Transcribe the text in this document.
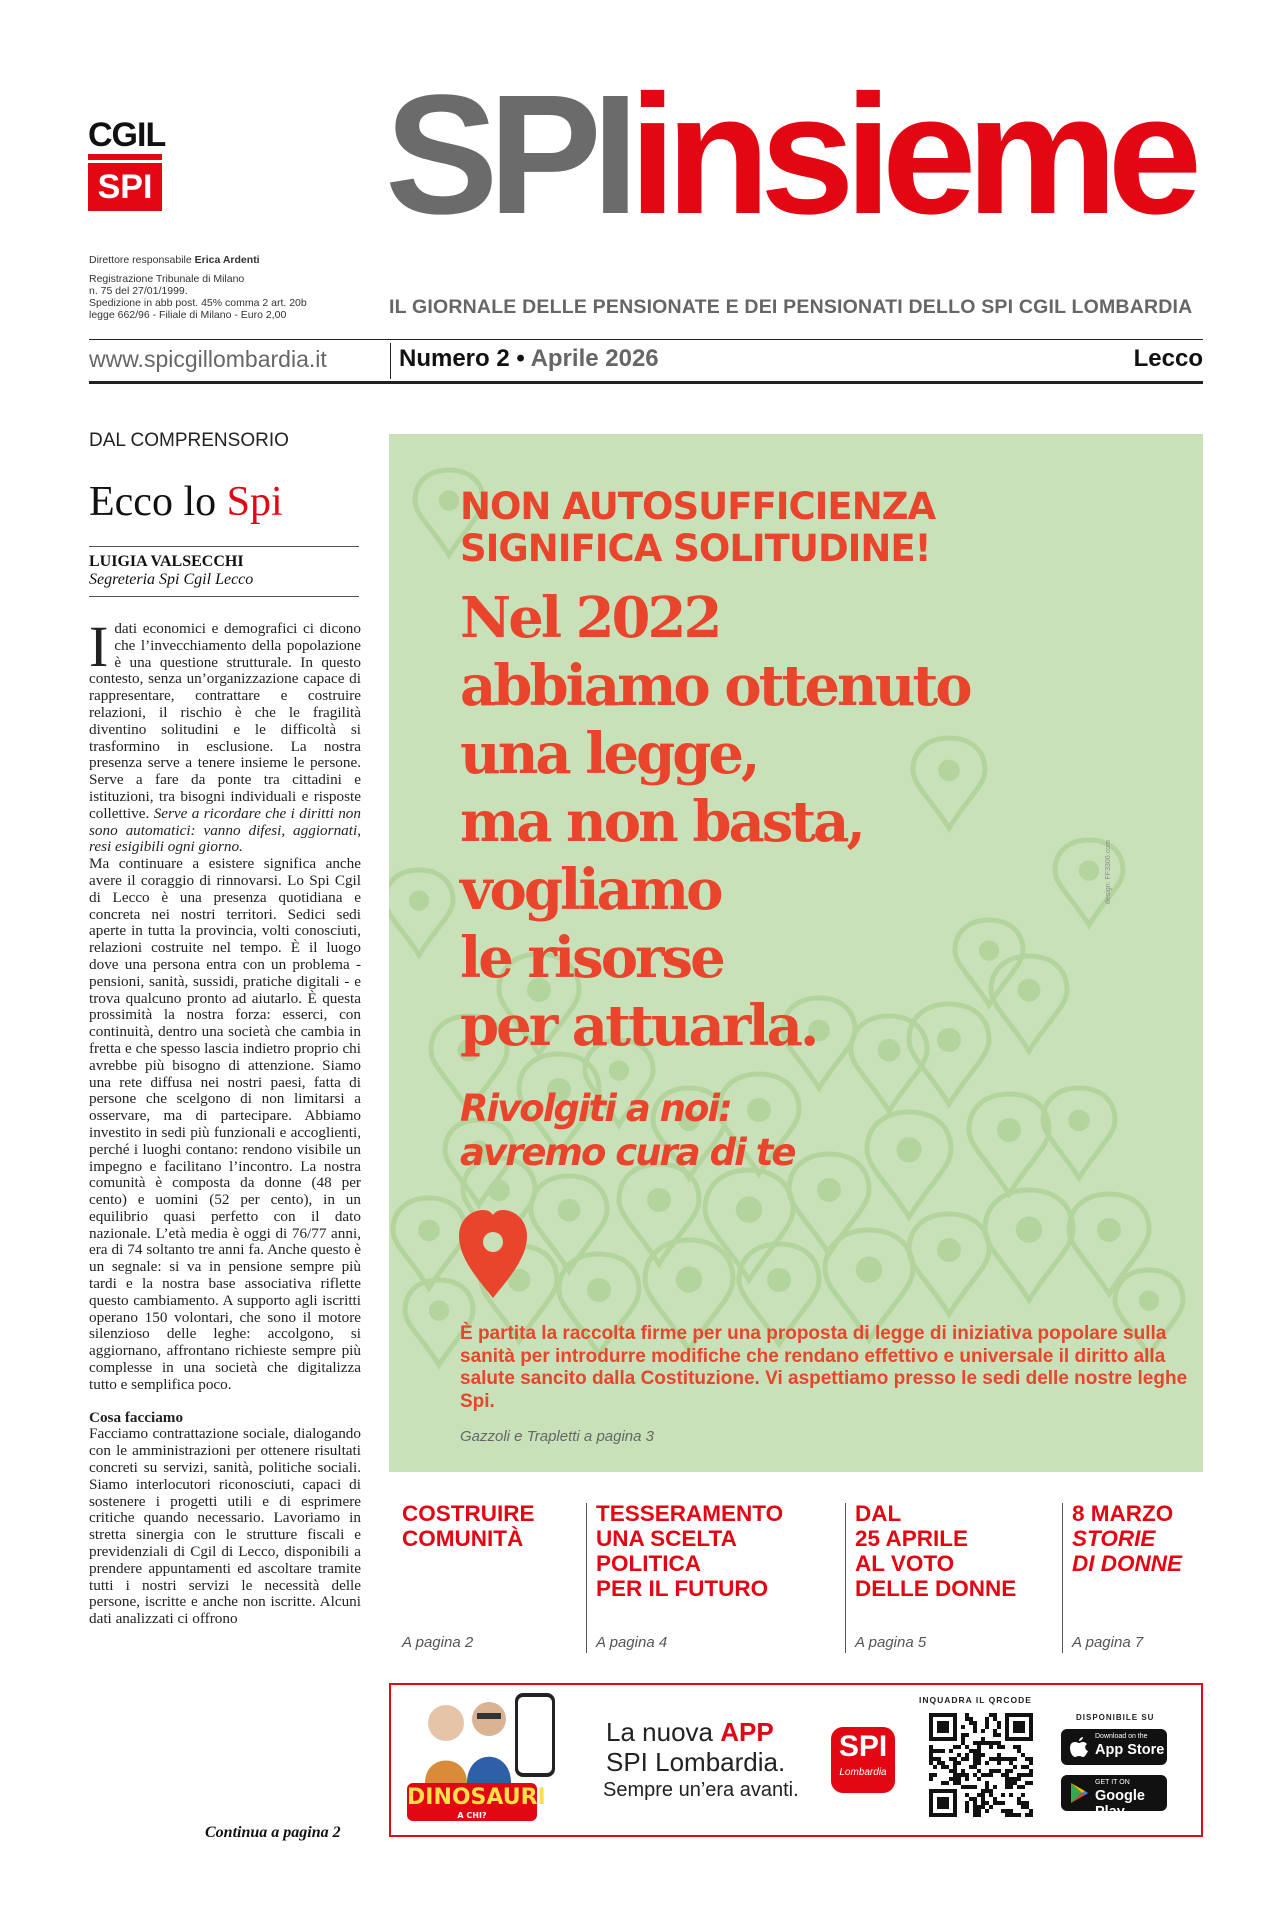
CGIL
SPI SPIinsieme
Direttore responsabile Erica Ardenti
Registrazione Tribunale di Milano
n. 75 del 27/01/1999.
Spedizione in abb post. 45% comma 2 art. 20b
legge 662/96 - Filiale di Milano - Euro 2,00	IL GIORNALE DELLE PENSIONATE E DEI PENSIONATI DELLO SPI CGIL LOMBARDIA
www.spicgillombardia.it	Numero 2 • Aprile 2026	Lecco
DAL COMPRENSORIO
Ecco lo Spi
LUIGIA VALSECCHI
Segreteria Spi Cgil Lecco

I dati economici e demografici ci dicono che l’invecchiamento della popolazione è una questione strutturale. In questo contesto, senza un’organizzazione capace di rappresentare, contrattare e costruire relazioni, il rischio è che le fragilità diventino solitudini e le difficoltà si trasformino in esclusione. La nostra presenza serve a tenere insieme le persone. Serve a fare da ponte tra cittadini e istituzioni, tra bisogni individuali e risposte collettive. Serve a ricordare che i diritti non sono automatici: vanno difesi, aggiornati, resi esigibili ogni giorno.

Ma continuare a esistere significa anche avere il coraggio di rinnovarsi. Lo Spi Cgil di Lecco è una presenza quotidiana e concreta nei nostri territori. Sedici sedi aperte in tutta la provincia, volti conosciuti, relazioni costruite nel tempo. È il luogo dove una persona entra con un problema - pensioni, sanità, sussidi, pratiche digitali - e trova qualcuno pronto ad aiutarlo. È questa prossimità la nostra forza: esserci, con continuità, dentro una società che cambia in fretta e che spesso lascia indietro proprio chi avrebbe più bisogno di attenzione. Siamo una rete diffusa nei nostri paesi, fatta di persone che scelgono di non limitarsi a osservare, ma di partecipare. Abbiamo investito in sedi più funzionali e accoglienti, perché i luoghi contano: rendono visibile un impegno e facilitano l’incontro. La nostra comunità è composta da donne (48 per cento) e uomini (52 per cento), in un equilibrio quasi perfetto con il dato nazionale. L’età media è oggi di 76/77 anni, era di 74 soltanto tre anni fa. Anche questo è un segnale: si va in pensione sempre più tardi e la nostra base associativa riflette questo cambiamento. A supporto agli iscritti operano 150 volontari, che sono il motore silenzioso delle leghe: accolgono, si aggiornano, affrontano richieste sempre più complesse in una società che digitalizza tutto e semplifica poco.

Cosa facciamo

Facciamo contrattazione sociale, dialogando con le amministrazioni per ottenere risultati concreti su servizi, sanità, politiche sociali. Siamo interlocutori riconosciuti, capaci di sostenere i progetti utili e di esprimere critiche quando necessario. Lavoriamo in stretta sinergia con le strutture fiscali e previdenziali di Cgil di Lecco, disponibili a prendere appuntamenti ed ascoltare tramite tutti i nostri servizi le necessità delle persone, iscritte e anche non iscritte. Alcuni dati analizzati ci offrono

Continua a pagina 2
NON AUTOSUFFICIENZA
SIGNIFICA SOLITUDINE!
Nel 2022
abbiamo ottenuto
una legge,
ma non basta,
vogliamo
le risorse
per attuarla.
Rivolgiti a noi:
avremo cura di te
È partita la raccolta firme per una proposta di legge di iniziativa popolare sulla sanità per introdurre modifiche che rendano effettivo e universale il diritto alla salute sancito dalla Costituzione. Vi aspettiamo presso le sedi delle nostre leghe Spi.
Gazzoli e Trapletti a pagina 3
design: FF3300.com
COSTRUIRE
COMUNITÀ
A pagina 2
TESSERAMENTO
UNA SCELTA
POLITICA
PER IL FUTURO
A pagina 4
DAL
25 APRILE
AL VOTO
DELLE DONNE
A pagina 5
8 MARZO
STORIE
DI DONNE
A pagina 7
DINOSAURI
A CHI?
La nuova APP
SPI Lombardia.
Sempre un’era avanti.
SPI
Lombardia
INQUADRA IL QRCODE
DISPONIBILE SU
Download on the
App Store
GET IT ON
Google Play
